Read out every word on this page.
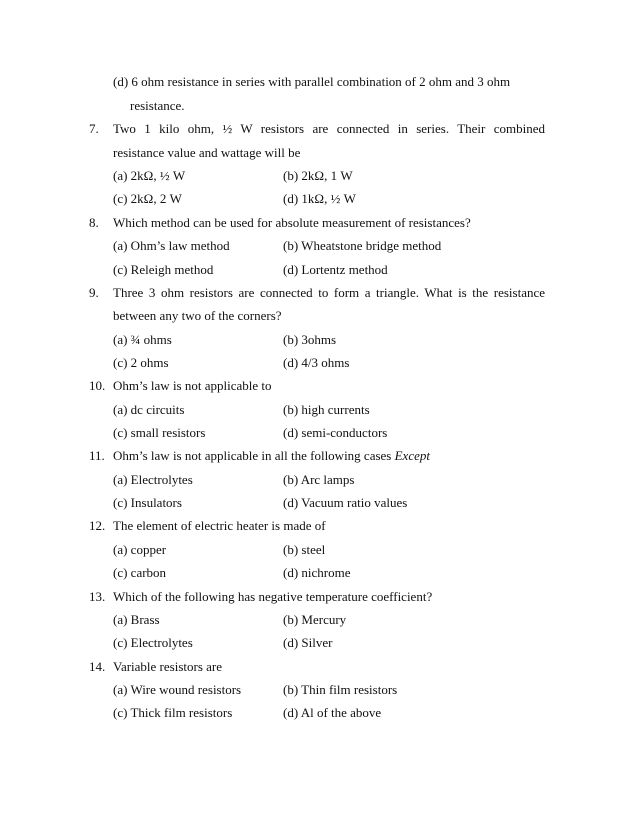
(d) 6 ohm resistance in series with parallel combination of 2 ohm and 3 ohm
resistance.
7. Two 1 kilo ohm, ½ W resistors are connected in series. Their combined
resistance value and wattage will be
(a) 2kΩ, ½ W	(b) 2kΩ, 1 W
(c) 2kΩ, 2 W	(d) 1kΩ, ½ W
8. Which method can be used for absolute measurement of resistances?
(a) Ohm’s law method	(b) Wheatstone bridge method
(c) Releigh method	(d) Lortentz method
9. Three 3 ohm resistors are connected to form a triangle. What is the resistance
between any two of the corners?
(a) ¾ ohms	(b) 3ohms
(c) 2 ohms	(d) 4/3 ohms
10. Ohm’s law is not applicable to
(a) dc circuits	(b) high currents
(c) small resistors	(d) semi-conductors
11. Ohm’s law is not applicable in all the following cases Except
(a) Electrolytes	(b) Arc lamps
(c) Insulators	(d) Vacuum ratio values
12. The element of electric heater is made of
(a) copper	(b) steel
(c) carbon	(d) nichrome
13. Which of the following has negative temperature coefficient?
(a) Brass	(b) Mercury
(c) Electrolytes	(d) Silver
14. Variable resistors are
(a) Wire wound resistors	(b) Thin film resistors
(c) Thick film resistors	(d) Al of the above
